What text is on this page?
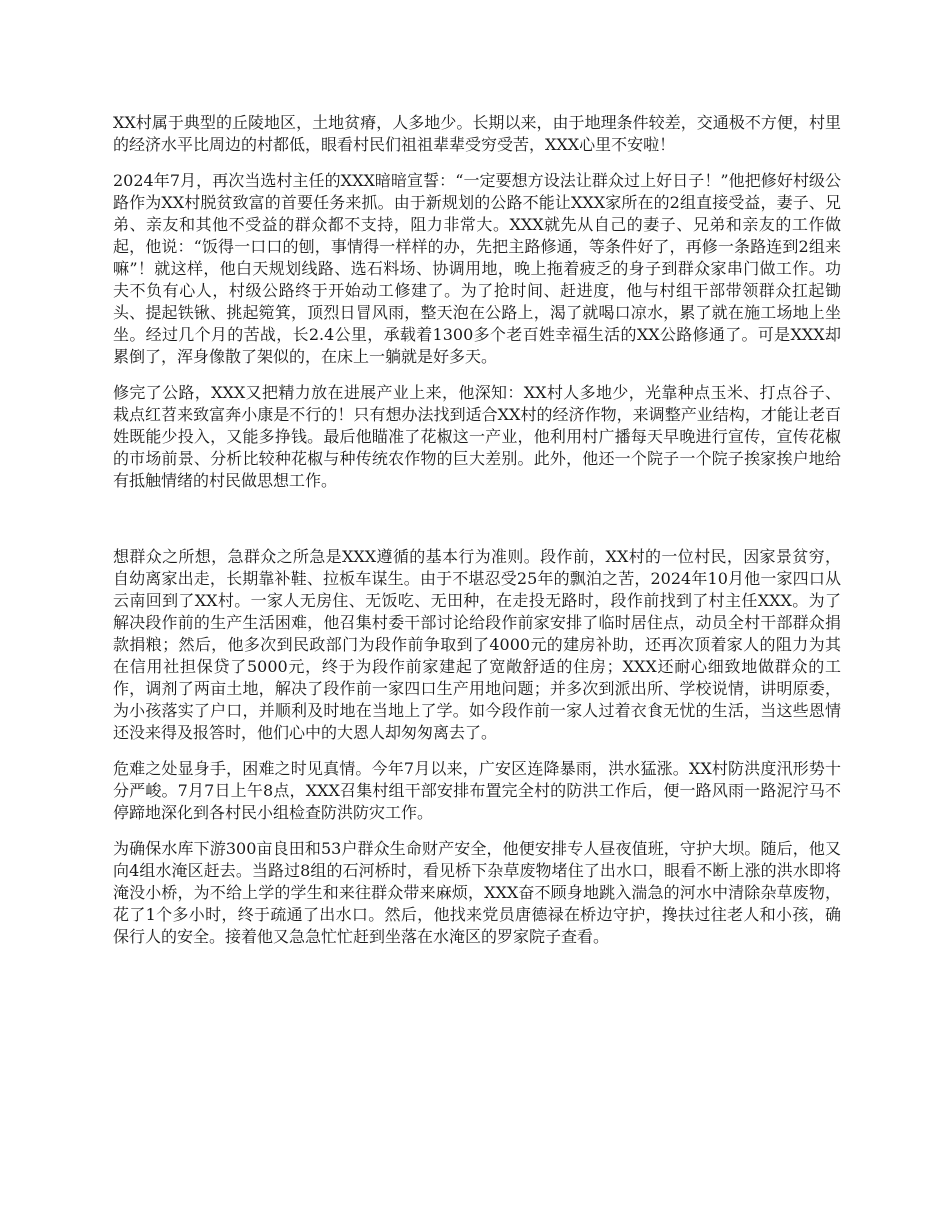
XX村属于典型的丘陵地区，土地贫瘠，人多地少。长期以来，由于地理条件较差，交通极不方便，村里的经济水平比周边的村都低，眼看村民们祖祖辈辈受穷受苦，XXX心里不安啦！

2024年7月，再次当选村主任的XXX暗暗宣誓：“一定要想方设法让群众过上好日子！”他把修好村级公路作为XX村脱贫致富的首要任务来抓。由于新规划的公路不能让XXX家所在的2组直接受益，妻子、兄弟、亲友和其他不受益的群众都不支持，阻力非常大。XXX就先从自己的妻子、兄弟和亲友的工作做起，他说：“饭得一口口的刨，事情得一样样的办，先把主路修通，等条件好了，再修一条路连到2组来嘛”！就这样，他白天规划线路、选石料场、协调用地，晚上拖着疲乏的身子到群众家串门做工作。功夫不负有心人，村级公路终于开始动工修建了。为了抢时间、赶进度，他与村组干部带领群众扛起锄头、提起铁锹、挑起箢箕，顶烈日冒风雨，整天泡在公路上，渴了就喝口凉水，累了就在施工场地上坐坐。经过几个月的苦战，长2.4公里，承载着1300多个老百姓幸福生活的XX公路修通了。可是XXX却累倒了，浑身像散了架似的，在床上一躺就是好多天。

修完了公路，XXX又把精力放在进展产业上来，他深知：XX村人多地少，光靠种点玉米、打点谷子、栽点红苕来致富奔小康是不行的！只有想办法找到适合XX村的经济作物，来调整产业结构，才能让老百姓既能少投入，又能多挣钱。最后他瞄准了花椒这一产业，他利用村广播每天早晚进行宣传，宣传花椒的市场前景、分析比较种花椒与种传统农作物的巨大差别。此外，他还一个院子一个院子挨家挨户地给有抵触情绪的村民做思想工作。

想群众之所想，急群众之所急是XXX遵循的基本行为准则。段作前，XX村的一位村民，因家景贫穷，自幼离家出走，长期靠补鞋、拉板车谋生。由于不堪忍受25年的飘泊之苦，2024年10月他一家四口从云南回到了XX村。一家人无房住、无饭吃、无田种，在走投无路时，段作前找到了村主任XXX。为了解决段作前的生产生活困难，他召集村委干部讨论给段作前家安排了临时居住点，动员全村干部群众捐款捐粮；然后，他多次到民政部门为段作前争取到了4000元的建房补助，还再次顶着家人的阻力为其在信用社担保贷了5000元，终于为段作前家建起了宽敞舒适的住房；XXX还耐心细致地做群众的工作，调剂了两亩土地，解决了段作前一家四口生产用地问题；并多次到派出所、学校说情，讲明原委，为小孩落实了户口，并顺利及时地在当地上了学。如今段作前一家人过着衣食无忧的生活，当这些恩情还没来得及报答时，他们心中的大恩人却匆匆离去了。

危难之处显身手，困难之时见真情。今年7月以来，广安区连降暴雨，洪水猛涨。XX村防洪度汛形势十分严峻。7月7日上午8点，XXX召集村组干部安排布置完全村的防洪工作后，便一路风雨一路泥泞马不停蹄地深化到各村民小组检查防洪防灾工作。

为确保水库下游300亩良田和53户群众生命财产安全，他便安排专人昼夜值班，守护大坝。随后，他又向4组水淹区赶去。当路过8组的石河桥时，看见桥下杂草废物堵住了出水口，眼看不断上涨的洪水即将淹没小桥，为不给上学的学生和来往群众带来麻烦，XXX奋不顾身地跳入湍急的河水中清除杂草废物，花了1个多小时，终于疏通了出水口。然后，他找来党员唐德禄在桥边守护，搀扶过往老人和小孩，确保行人的安全。接着他又急急忙忙赶到坐落在水淹区的罗家院子查看。
